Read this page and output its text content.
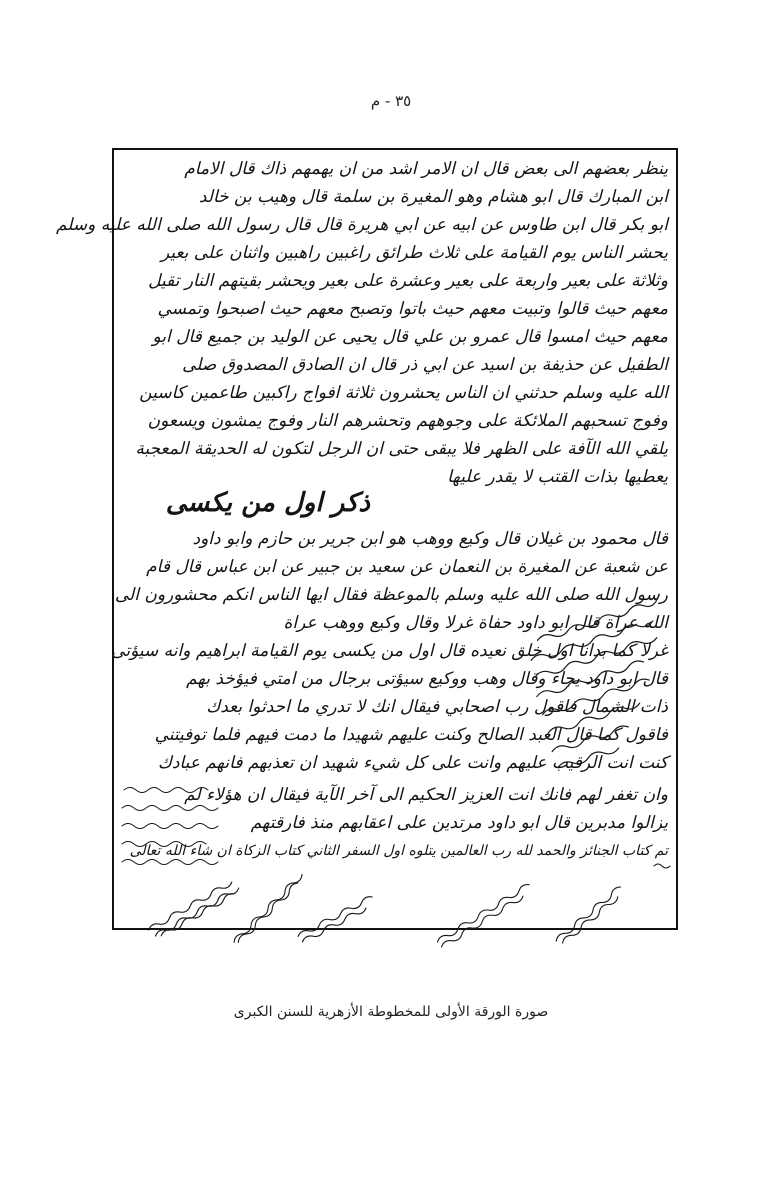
٣٥ - م
ينظر بعضهم الى بعض قال ان الامر اشد من ان يهمهم ذاك قال الامام
ابن المبارك قال ابو هشام وهو المغيرة بن سلمة قال وهيب بن خالد
ابو بكر قال ابن طاوس عن ابيه عن ابي هريرة قال قال رسول الله صلى الله عليه وسلم
يحشر الناس يوم القيامة على ثلاث طرائق راغبين راهبين واثنان على بعير
وثلاثة على بعير واربعة على بعير وعشرة على بعير ويحشر بقيتهم النار تقيل
معهم حيث قالوا وتبيت معهم حيث باتوا وتصبح معهم حيث اصبحوا وتمسي
معهم حيث امسوا قال عمرو بن علي قال يحيى عن الوليد بن جميع قال ابو
الطفيل عن حذيفة بن اسيد عن ابي ذر قال ان الصادق المصدوق صلى
الله عليه وسلم حدثني ان الناس يحشرون ثلاثة افواج راكبين طاعمين كاسين
وفوج تسحبهم الملائكة على وجوههم وتحشرهم النار وفوج يمشون ويسعون
يلقي الله الآفة على الظهر فلا يبقى حتى ان الرجل لتكون له الحديقة المعجبة
يعطيها بذات القتب لا يقدر عليها
ذكر اول من يكسى
قال محمود بن غيلان قال وكيع ووهب هو ابن جرير بن حازم وابو داود
عن شعبة عن المغيرة بن النعمان عن سعيد بن جبير عن ابن عباس قال قام
رسول الله صلى الله عليه وسلم بالموعظة فقال ايها الناس انكم محشورون الى
الله عراة قال ابو داود حفاة غرلا وقال وكيع ووهب عراة
غرلا كما بدانا اول خلق نعيده قال اول من يكسى يوم القيامة ابراهيم وانه سيؤتى
قال ابو داود يجاء وقال وهب ووكيع سيؤتى برجال من امتي فيؤخذ بهم
ذات الشمال فاقول رب اصحابي فيقال انك لا تدري ما احدثوا بعدك
فاقول كما قال العبد الصالح وكنت عليهم شهيدا ما دمت فيهم فلما توفيتني
كنت انت الرقيب عليهم وانت على كل شيء شهيد ان تعذبهم فانهم عبادك
وان تغفر لهم فانك انت العزيز الحكيم الى آخر الآية فيقال ان هؤلاء لم
يزالوا مدبرين قال ابو داود مرتدين على اعقابهم منذ فارقتهم
تم كتاب الجنائز والحمد لله رب العالمين يتلوه اول السفر الثاني كتاب الزكاة ان شاء الله تعالى
صورة الورقة الأولى للمخطوطة الأزهرية للسنن الكبرى
